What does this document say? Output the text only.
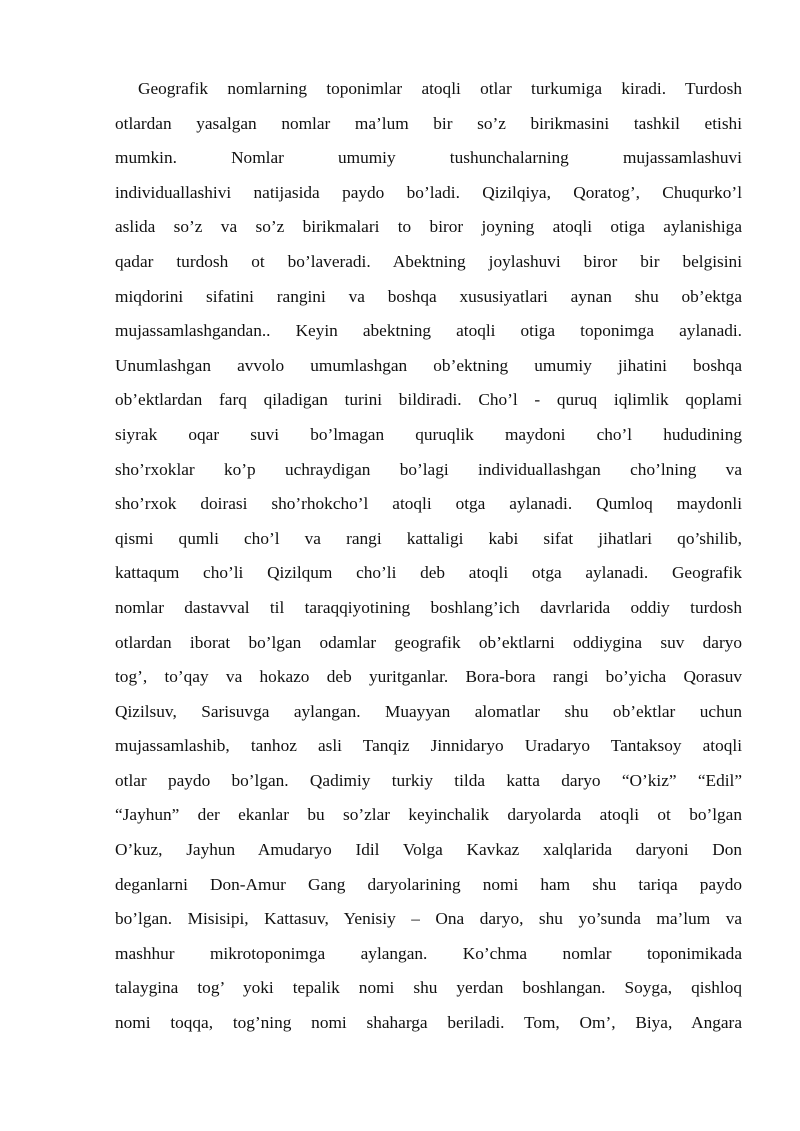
Geografik nomlarning toponimlar atoqli otlar turkumiga kiradi. Turdosh
otlardan yasalgan nomlar ma’lum bir so’z birikmasini tashkil etishi
mumkin. Nomlar umumiy tushunchalarning mujassamlashuvi
individuallashivi natijasida paydo bo’ladi. Qizilqiya, Qoratog’, Chuqurko’l
aslida so’z va so’z birikmalari to biror joyning atoqli otiga aylanishiga
qadar turdosh ot bo’laveradi. Abektning joylashuvi biror bir belgisini
miqdorini sifatini rangini va boshqa xususiyatlari aynan shu ob’ektga
mujassamlashgandan.. Keyin abektning atoqli otiga toponimga aylanadi.
Unumlashgan avvolo umumlashgan ob’ektning umumiy jihatini boshqa
ob’ektlardan farq qiladigan turini bildiradi. Cho’l - quruq iqlimlik qoplami
siyrak oqar suvi bo’lmagan quruqlik maydoni cho’l hududining
sho’rxoklar ko’p uchraydigan bo’lagi individuallashgan cho’lning va
sho’rxok doirasi sho’rhokcho’l atoqli otga aylanadi. Qumloq maydonli
qismi qumli cho’l va rangi kattaligi kabi sifat jihatlari qo’shilib,
kattaqum cho’li Qizilqum cho’li deb atoqli otga aylanadi. Geografik
nomlar dastavval til taraqqiyotining boshlang’ich davrlarida oddiy turdosh
otlardan iborat bo’lgan odamlar geografik ob’ektlarni oddiygina suv daryo
tog’, to’qay va hokazo deb yuritganlar. Bora-bora rangi bo’yicha Qorasuv
Qizilsuv, Sarisuvga aylangan. Muayyan alomatlar shu ob’ektlar uchun
mujassamlashib, tanhoz asli Tanqiz Jinnidaryo Uradaryo Tantaksoy atoqli
otlar paydo bo’lgan. Qadimiy turkiy tilda katta daryo “O’kiz” “Edil”
“Jayhun” der ekanlar bu so’zlar keyinchalik daryolarda atoqli ot bo’lgan
O’kuz, Jayhun Amudaryo Idil Volga Kavkaz xalqlarida daryoni Don
deganlarni Don-Amur Gang daryolarining nomi ham shu tariqa paydo
bo’lgan. Misisipi, Kattasuv, Yenisiy – Ona daryo, shu yo’sunda ma’lum va
mashhur mikrotoponimga aylangan. Ko’chma nomlar toponimikada
talaygina tog’ yoki tepalik nomi shu yerdan boshlangan. Soyga, qishloq
nomi toqqa, tog’ning nomi shaharga beriladi. Tom, Om’, Biya, Angara
